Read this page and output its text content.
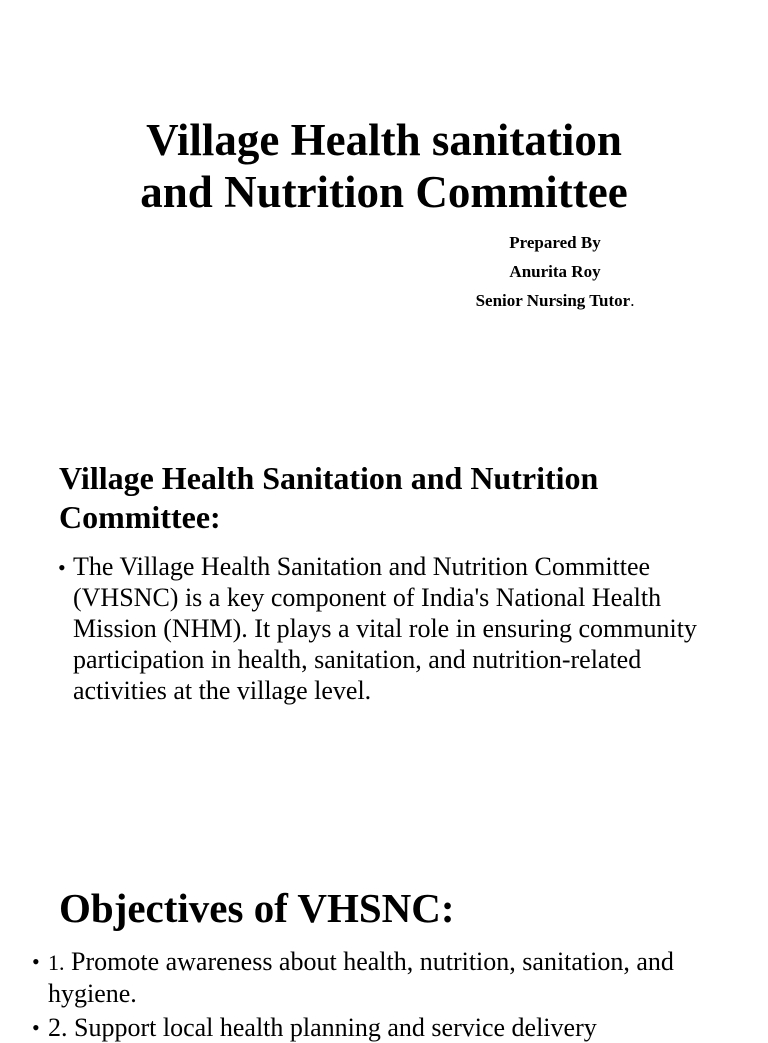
Village Health sanitation
and Nutrition Committee
Prepared By
Anurita Roy
Senior Nursing Tutor.
Village Health Sanitation and Nutrition
Committee:
• The Village Health Sanitation and Nutrition Committee (VHSNC) is a key component of India's National Health Mission (NHM). It plays a vital role in ensuring community participation in health, sanitation, and nutrition-related activities at the village level.

Objectives of VHSNC:
• 1. Promote awareness about health, nutrition, sanitation, and hygiene.

• 2. Support local health planning and service delivery
